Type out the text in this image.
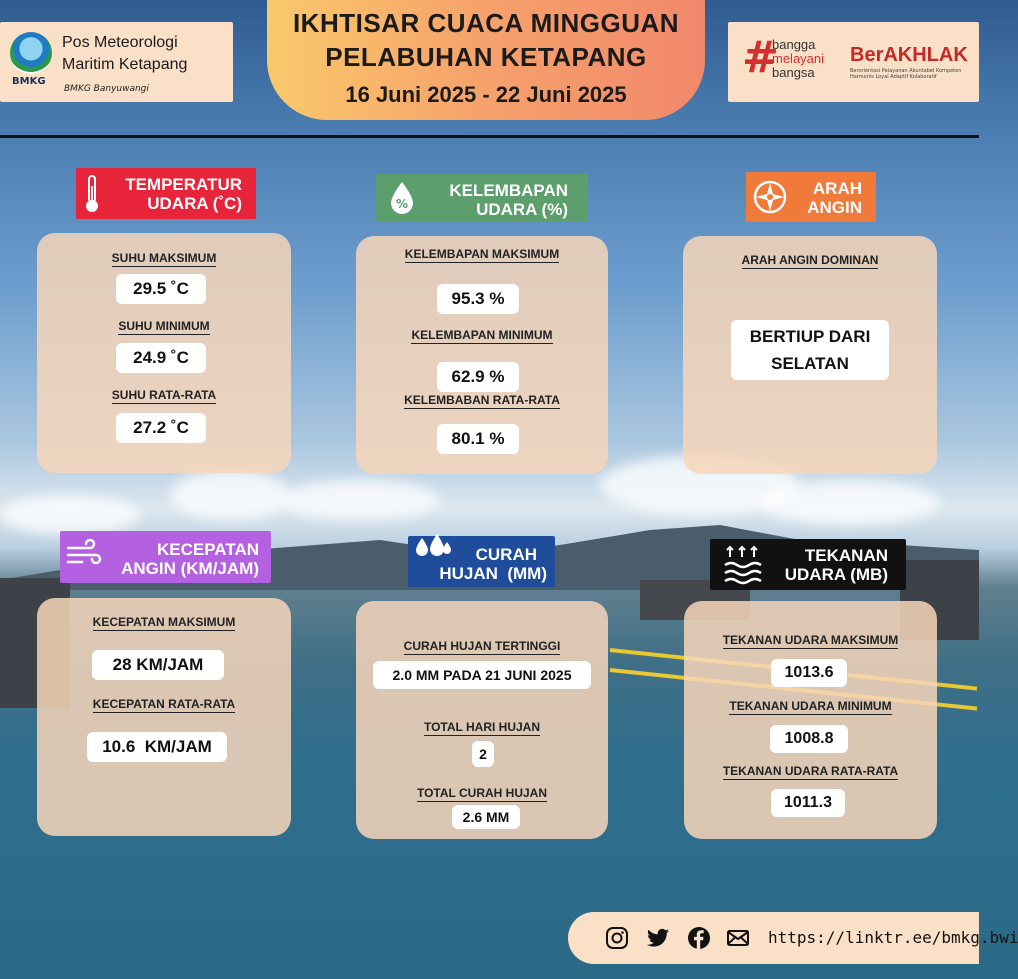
BMKG
Pos Meteorologi
Maritim Ketapang
BMKG Banyuwangi
IKHTISAR CUACA MINGGUAN
PELABUHAN KETAPANG
16 Juni 2025 - 22 Juni 2025
#
bangga
melayani
bangsa
BerAKHLAK
Berorientasi Pelayanan Akuntabel Kompeten Harmonis Loyal Adaptif Kolaboratif
TEMPERATUR
UDARA (˚C)
SUHU MAKSIMUM
29.5 ˚C
SUHU MINIMUM
24.9 ˚C
SUHU RATA-RATA
27.2 ˚C
%
KELEMBAPAN
UDARA (%)
KELEMBAPAN MAKSIMUM
95.3 %
KELEMBAPAN MINIMUM
62.9 %
KELEMBABAN RATA-RATA
80.1 %
ARAH
ANGIN
ARAH ANGIN DOMINAN
BERTIUP DARI
SELATAN
KECEPATAN
ANGIN (KM/JAM)
KECEPATAN MAKSIMUM
28 KM/JAM
KECEPATAN RATA-RATA
10.6  KM/JAM
CURAH
HUJAN  (MM)
CURAH HUJAN TERTINGGI
2.0 MM PADA 21 JUNI 2025
TOTAL HARI HUJAN
2
TOTAL CURAH HUJAN
2.6 MM
TEKANAN
UDARA (MB)
TEKANAN UDARA MAKSIMUM
1013.6
TEKANAN UDARA MINIMUM
1008.8
TEKANAN UDARA RATA-RATA
1011.3
https://linktr.ee/bmkg.bwi
